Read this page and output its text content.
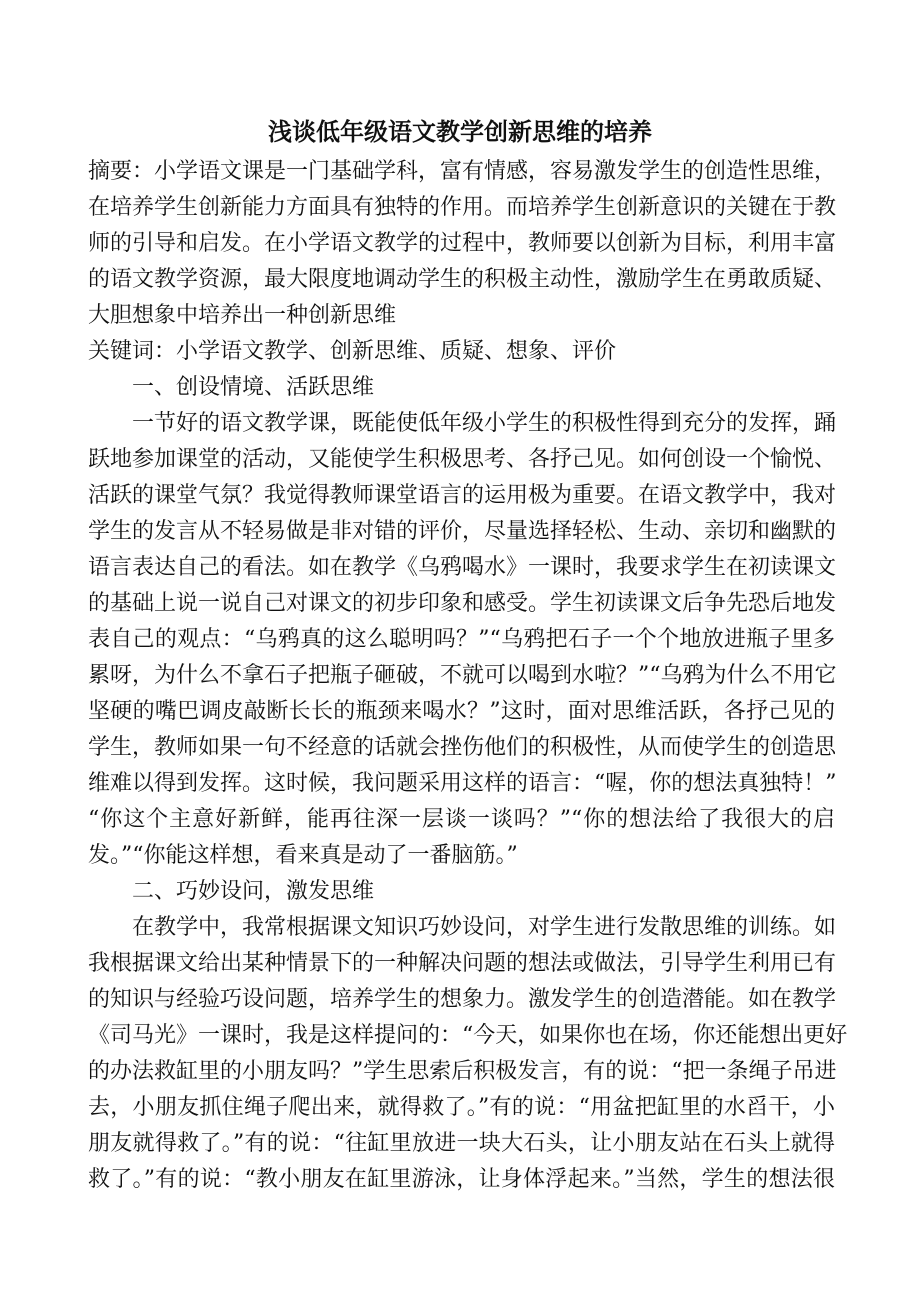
浅谈低年级语文教学创新思维的培养
摘要：小学语文课是一门基础学科，富有情感，容易激发学生的创造性思维，
在培养学生创新能力方面具有独特的作用。而培养学生创新意识的关键在于教
师的引导和启发。在小学语文教学的过程中，教师要以创新为目标，利用丰富
的语文教学资源，最大限度地调动学生的积极主动性，激励学生在勇敢质疑、
大胆想象中培养出一种创新思维
关键词：小学语文教学、创新思维、质疑、想象、评价
一、创设情境、活跃思维
一节好的语文教学课，既能使低年级小学生的积极性得到充分的发挥，踊
跃地参加课堂的活动，又能使学生积极思考、各抒己见。如何创设一个愉悦、
活跃的课堂气氛？我觉得教师课堂语言的运用极为重要。在语文教学中，我对
学生的发言从不轻易做是非对错的评价，尽量选择轻松、生动、亲切和幽默的
语言表达自己的看法。如在教学《乌鸦喝水》一课时，我要求学生在初读课文
的基础上说一说自己对课文的初步印象和感受。学生初读课文后争先恐后地发
表自己的观点：“乌鸦真的这么聪明吗？”“乌鸦把石子一个个地放进瓶子里多
累呀，为什么不拿石子把瓶子砸破，不就可以喝到水啦？”“乌鸦为什么不用它
坚硬的嘴巴调皮敲断长长的瓶颈来喝水？”这时，面对思维活跃，各抒己见的
学生，教师如果一句不经意的话就会挫伤他们的积极性，从而使学生的创造思
维难以得到发挥。这时候，我问题采用这样的语言：“喔，你的想法真独特！”
“你这个主意好新鲜，能再往深一层谈一谈吗？”“你的想法给了我很大的启
发。”“你能这样想，看来真是动了一番脑筋。”
二、巧妙设问，激发思维
在教学中，我常根据课文知识巧妙设问，对学生进行发散思维的训练。如
我根据课文给出某种情景下的一种解决问题的想法或做法，引导学生利用已有
的知识与经验巧设问题，培养学生的想象力。激发学生的创造潜能。如在教学
《司马光》一课时，我是这样提问的：“今天，如果你也在场，你还能想出更好
的办法救缸里的小朋友吗？”学生思索后积极发言，有的说：“把一条绳子吊进
去，小朋友抓住绳子爬出来，就得救了。”有的说：“用盆把缸里的水舀干，小
朋友就得救了。”有的说：“往缸里放进一块大石头，让小朋友站在石头上就得
救了。”有的说：“教小朋友在缸里游泳，让身体浮起来。”当然，学生的想法很
